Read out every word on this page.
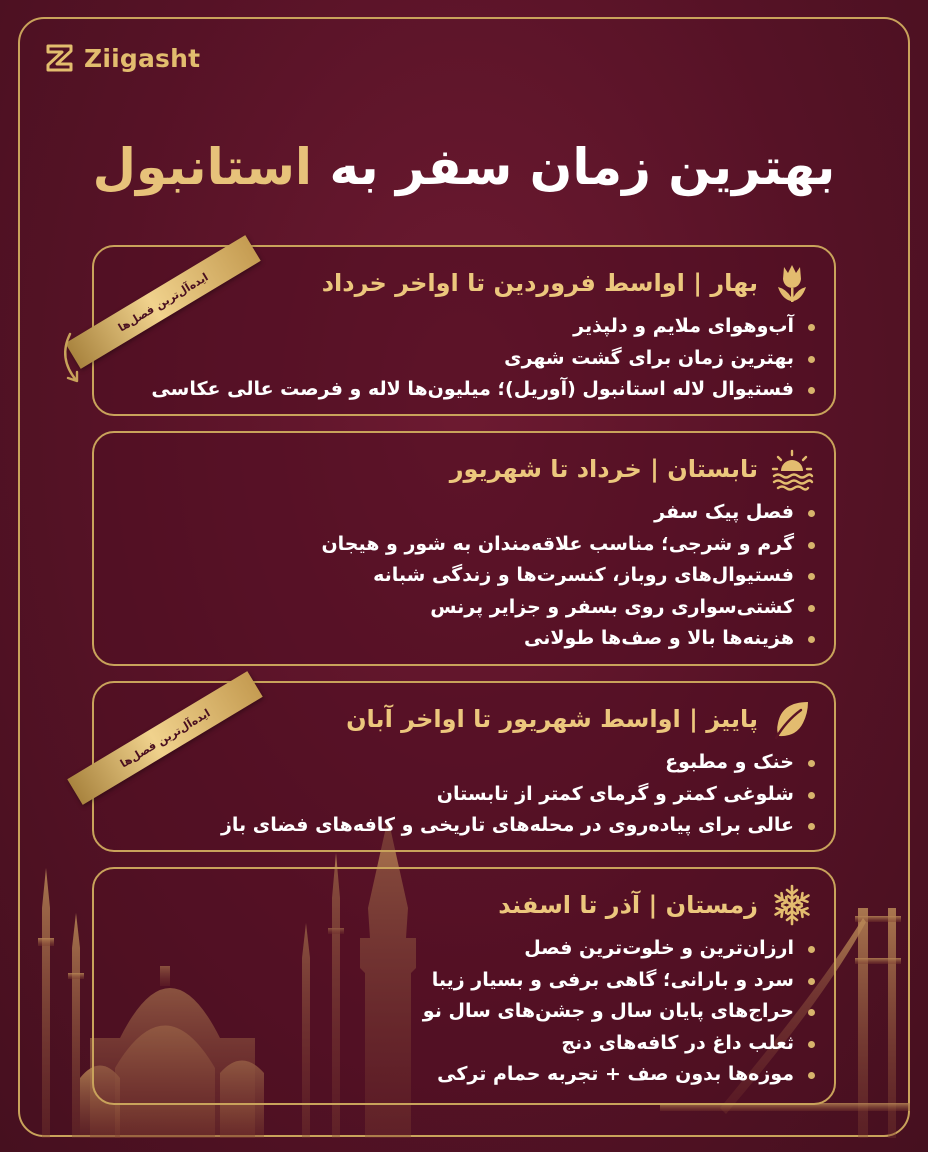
Ziigasht
بهترین زمان سفر به استانبول
بهار | اواسط فروردین تا اواخر خرداد
آب‌وهوای ملایم و دلپذیر
بهترین زمان برای گشت شهری
فستیوال لاله استانبول (آوریل)؛ میلیون‌ها لاله و فرصت عالی عکاسی
تابستان | خرداد تا شهریور
فصل پیک سفر
گرم و شرجی؛ مناسب علاقه‌مندان به شور و هیجان
فستیوال‌های روباز، کنسرت‌ها و زندگی شبانه
کشتی‌سواری روی بسفر و جزایر پرنس
هزینه‌ها بالا و صف‌ها طولانی
پاییز | اواسط شهریور تا اواخر آبان
خنک و مطبوع
شلوغی کمتر و گرمای کمتر از تابستان
عالی برای پیاده‌روی در محله‌های تاریخی و کافه‌های فضای باز
زمستان | آذر تا اسفند
ارزان‌ترین و خلوت‌ترین فصل
سرد و بارانی؛ گاهی برفی و بسیار زیبا
حراج‌های پایان سال و جشن‌های سال نو
ثعلب داغ در کافه‌های دنج
موزه‌ها بدون صف + تجربه حمام ترکی
ایده‌آل‌ترین فصل‌ها
ایده‌آل‌ترین فصل‌ها
